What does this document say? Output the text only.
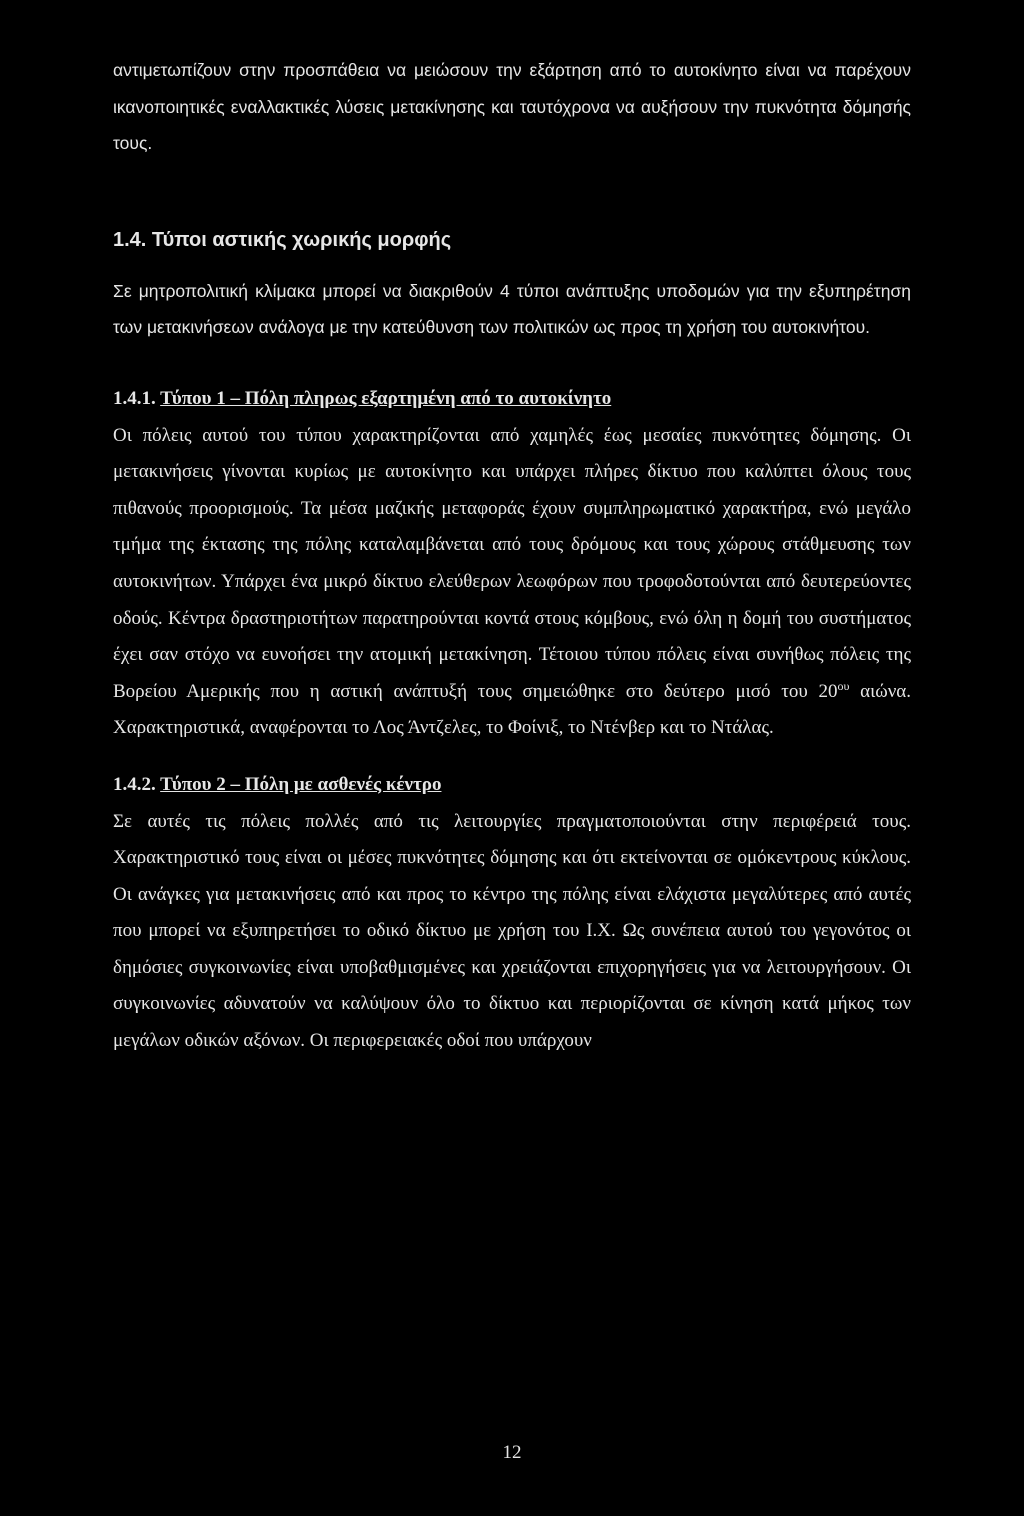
αντιμετωπίζουν στην προσπάθεια να μειώσουν την εξάρτηση από το αυτοκίνητο είναι να παρέχουν ικανοποιητικές εναλλακτικές λύσεις μετακίνησης και ταυτόχρονα να αυξήσουν την πυκνότητα δόμησής τους.

1.4. Τύποι αστικής χωρικής μορφής

Σε μητροπολιτική κλίμακα μπορεί να διακριθούν 4 τύποι ανάπτυξης υποδομών για την εξυπηρέτηση των μετακινήσεων ανάλογα με την κατεύθυνση των πολιτικών ως προς τη χρήση του αυτοκινήτου.

1.4.1. Τύπου 1 – Πόλη πληρως εξαρτημένη από το αυτοκίνητο

Οι πόλεις αυτού του τύπου χαρακτηρίζονται από χαμηλές έως μεσαίες πυκνότητες δόμησης. Οι μετακινήσεις γίνονται κυρίως με αυτοκίνητο και υπάρχει πλήρες δίκτυο που καλύπτει όλους τους πιθανούς προορισμούς. Τα μέσα μαζικής μεταφοράς έχουν συμπληρωματικό χαρακτήρα, ενώ μεγάλο τμήμα της έκτασης της πόλης καταλαμβάνεται από τους δρόμους και τους χώρους στάθμευσης των αυτοκινήτων. Υπάρχει ένα μικρό δίκτυο ελεύθερων λεωφόρων που τροφοδοτούνται από δευτερεύοντες οδούς. Κέντρα δραστηριοτήτων παρατηρούνται κοντά στους κόμβους, ενώ όλη η δομή του συστήματος έχει σαν στόχο να ευνοήσει την ατομική μετακίνηση. Τέτοιου τύπου πόλεις είναι συνήθως πόλεις της Βορείου Αμερικής που η αστική ανάπτυξή τους σημειώθηκε στο δεύτερο μισό του $20^{o\upsilon}$ αιώνα. Χαρακτηριστικά, αναφέρονται το Λος Άντζελες, το Φοίνιξ, το Ντένβερ και το Ντάλας.

1.4.2. Τύπου 2 – Πόλη με ασθενές κέντρο

Σε αυτές τις πόλεις πολλές από τις λειτουργίες πραγματοποιούνται στην περιφέρειά τους. Χαρακτηριστικό τους είναι οι μέσες πυκνότητες δόμησης και ότι εκτείνονται σε ομόκεντρους κύκλους. Οι ανάγκες για μετακινήσεις από και προς το κέντρο της πόλης είναι ελάχιστα μεγαλύτερες από αυτές που μπορεί να εξυπηρετήσει το οδικό δίκτυο με χρήση του Ι.Χ. Ως συνέπεια αυτού του γεγονότος οι δημόσιες συγκοινωνίες είναι υποβαθμισμένες και χρειάζονται επιχορηγήσεις για να λειτουργήσουν. Οι συγκοινωνίες αδυνατούν να καλύψουν όλο το δίκτυο και περιορίζονται σε κίνηση κατά μήκος των μεγάλων οδικών αξόνων. Οι περιφερειακές οδοί που υπάρχουν

12
